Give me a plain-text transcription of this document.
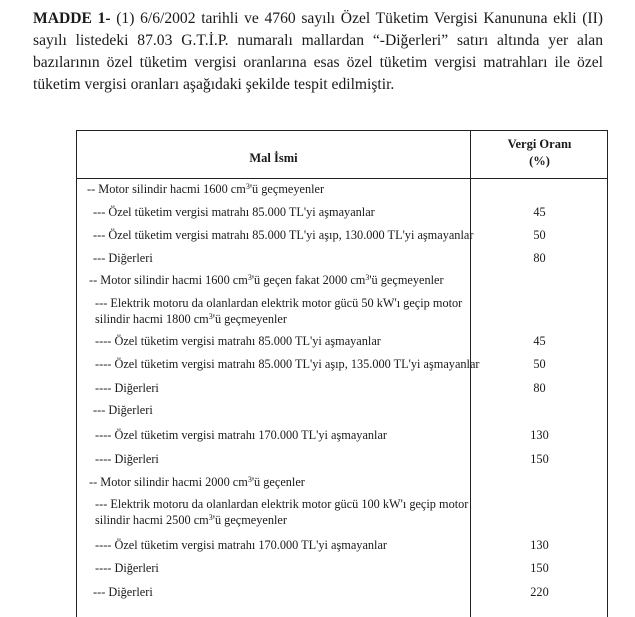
MADDE 1- (1) 6/6/2002 tarihli ve 4760 sayılı Özel Tüketim Vergisi Kanununa ekli (II) sayılı listedeki 87.03 G.T.İ.P. numaralı mallardan “-Diğerleri” satırı altında yer alan bazılarının özel tüketim vergisi oranlarına esas özel tüketim vergisi matrahları ile özel tüketim vergisi oranları aşağıdaki şekilde tespit edilmiştir.
Mal İsmi
Vergi Oranı
(%)
-- Motor silindir hacmi 1600 $cm^3'ü$ geçmeyenler
--- Özel tüketim vergisi matrahı 85.000 TL'yi aşmayanlar	45
--- Özel tüketim vergisi matrahı 85.000 TL'yi aşıp, 130.000 TL'yi aşmayanlar	50
--- Diğerleri	80
-- Motor silindir hacmi 1600 $cm^3'ü$ geçen fakat 2000 $cm^3'ü$ geçmeyenler
--- Elektrik motoru da olanlardan elektrik motor gücü 50 kW'ı geçip motor
silindir hacmi 1800 $cm^3'ü$ geçmeyenler
---- Özel tüketim vergisi matrahı 85.000 TL'yi aşmayanlar	45
---- Özel tüketim vergisi matrahı 85.000 TL'yi aşıp, 135.000 TL'yi aşmayanlar	50
---- Diğerleri	80
--- Diğerleri
---- Özel tüketim vergisi matrahı 170.000 TL'yi aşmayanlar	130
---- Diğerleri	150
-- Motor silindir hacmi 2000 $cm^3'ü$ geçenler
--- Elektrik motoru da olanlardan elektrik motor gücü 100 kW'ı geçip motor
silindir hacmi 2500 $cm^3'ü$ geçmeyenler
---- Özel tüketim vergisi matrahı 170.000 TL'yi aşmayanlar	130
---- Diğerleri	150
--- Diğerleri	220
